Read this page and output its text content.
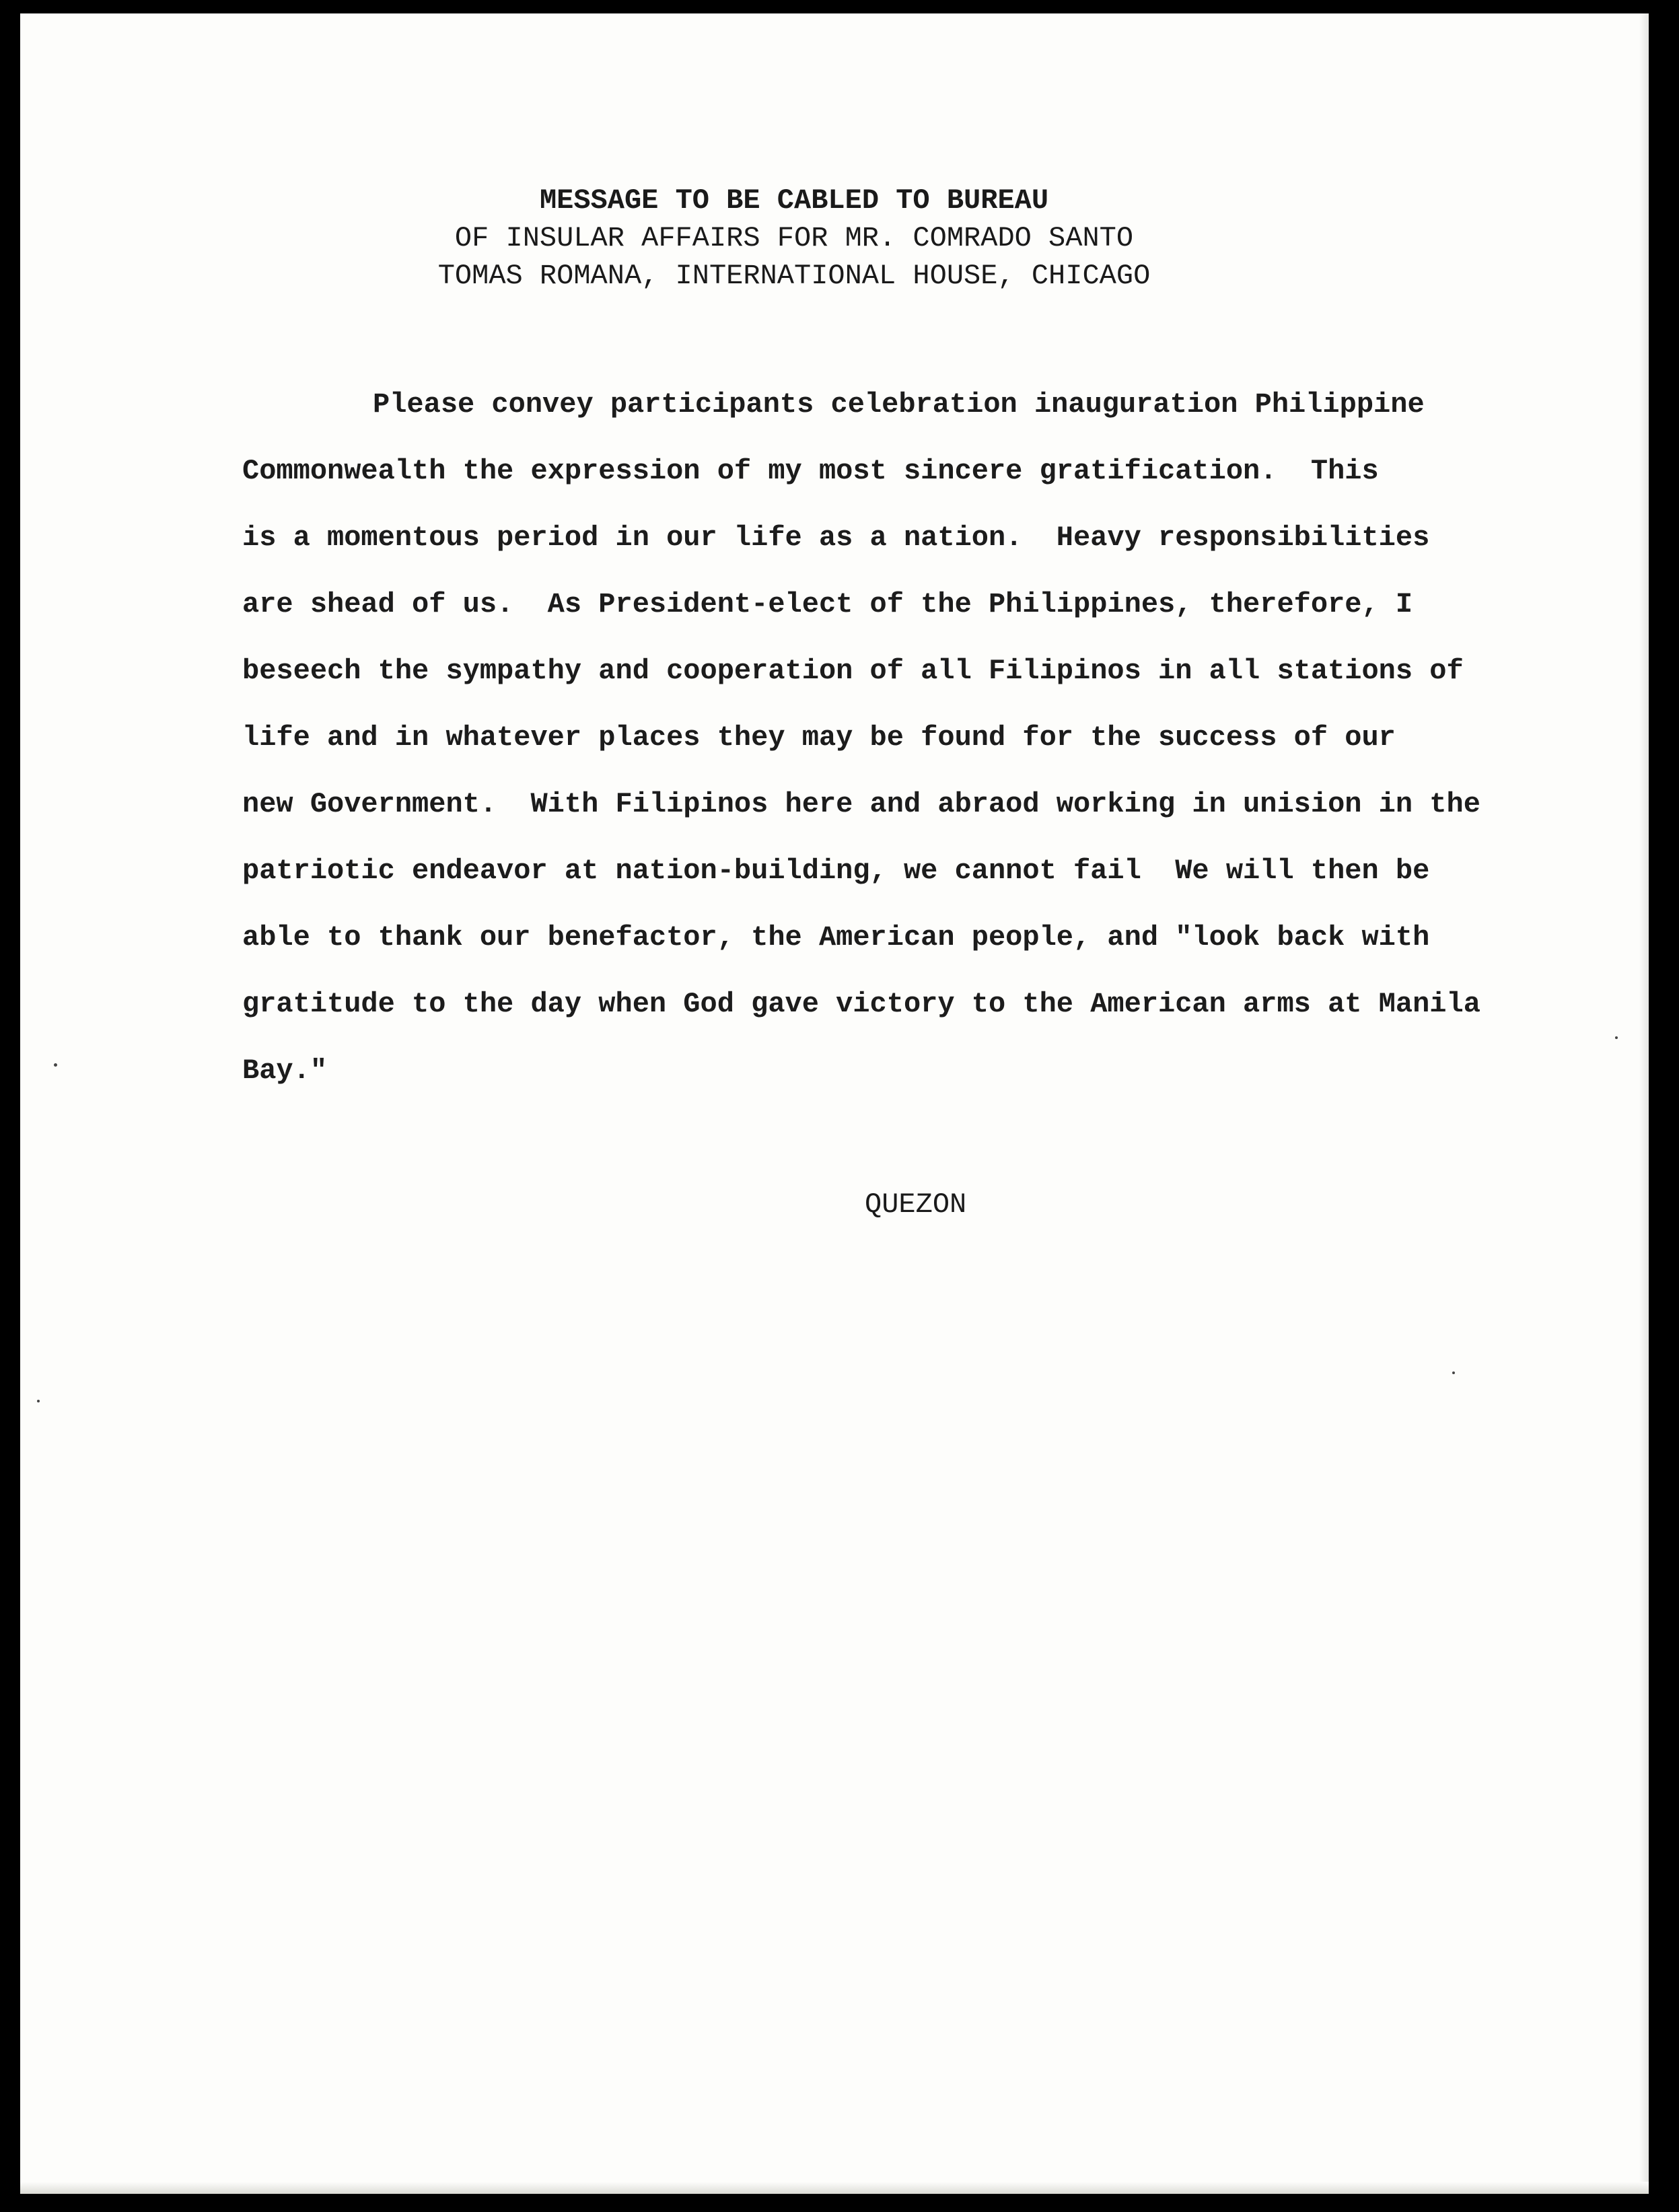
MESSAGE TO BE CABLED TO BUREAU
OF INSULAR AFFAIRS FOR MR. COMRADO SANTO
TOMAS ROMANA, INTERNATIONAL HOUSE, CHICAGO
Please convey participants celebration inauguration Philippine
Commonwealth the expression of my most sincere gratification.  This
is a momentous period in our life as a nation.  Heavy responsibilities
are shead of us.  As President-elect of the Philippines, therefore, I
beseech the sympathy and cooperation of all Filipinos in all stations of
life and in whatever places they may be found for the success of our
new Government.  With Filipinos here and abraod working in unision in the
patriotic endeavor at nation-building, we cannot fail  We will then be
able to thank our benefactor, the American people, and "look back with
gratitude to the day when God gave victory to the American arms at Manila
Bay."
QUEZON
